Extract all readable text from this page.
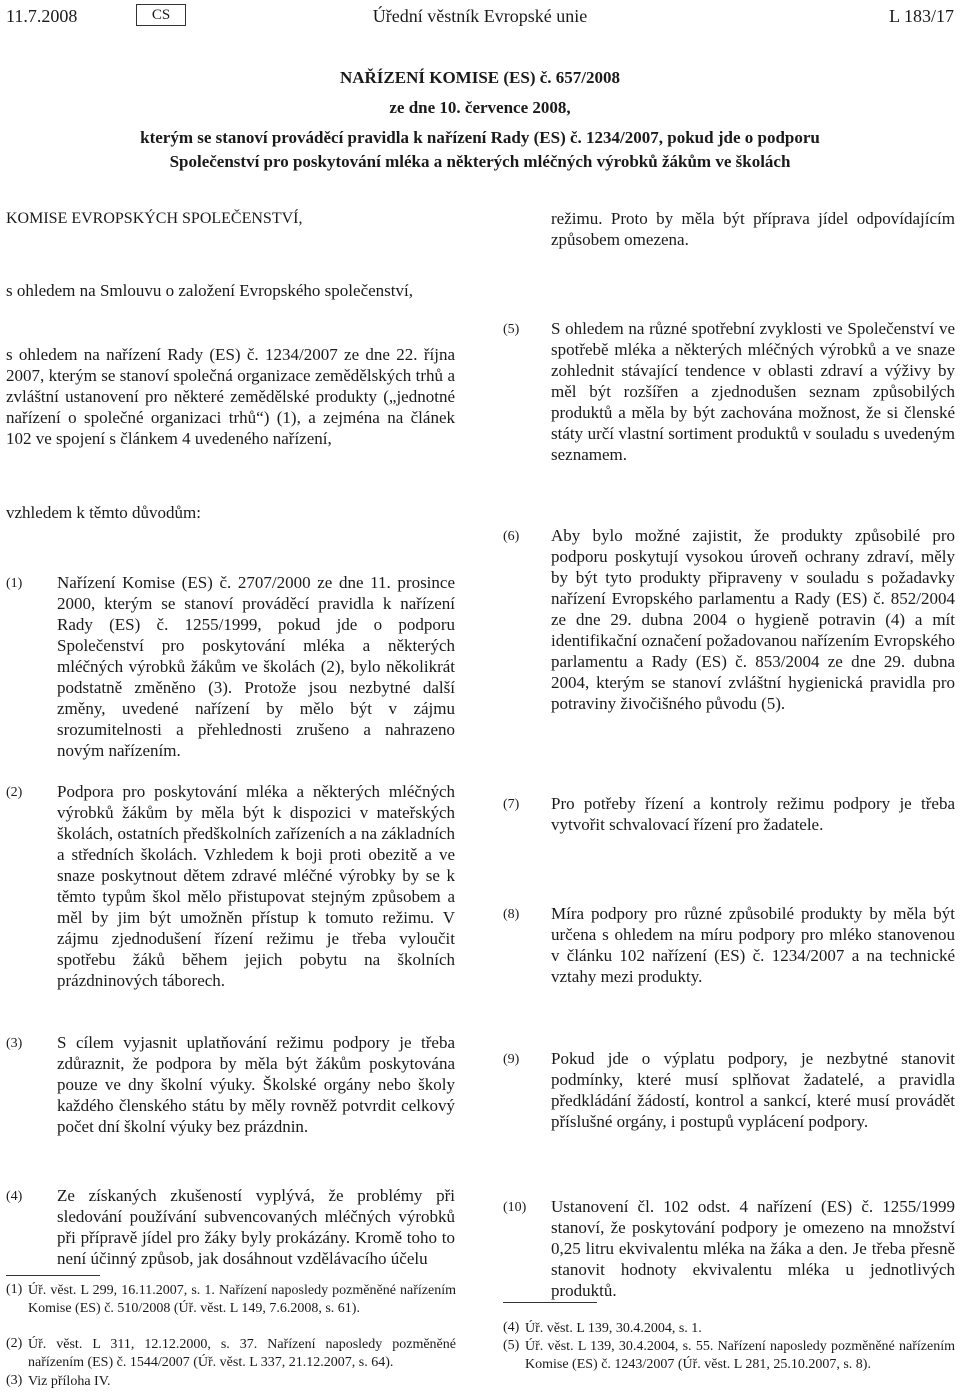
11.7.2008	CS	Úřední věstník Evropské unie	L 183/17
NAŘÍZENÍ KOMISE (ES) č. 657/2008
ze dne 10. července 2008,
kterým se stanoví prováděcí pravidla k nařízení Rady (ES) č. 1234/2007, pokud jde o podporu
Společenství pro poskytování mléka a některých mléčných výrobků žákům ve školách
KOMISE EVROPSKÝCH SPOLEČENSTVÍ,
s ohledem na Smlouvu o založení Evropského společenství,
s ohledem na nařízení Rady (ES) č. 1234/2007 ze dne 22. října 2007, kterým se stanoví společná organizace zemědělských trhů a zvláštní ustanovení pro některé zemědělské produkty („jednotné nařízení o společné organizaci trhů“) (1), a zejména na článek 102 ve spojení s článkem 4 uvedeného nařízení,
vzhledem k těmto důvodům:
(1) Nařízení Komise (ES) č. 2707/2000 ze dne 11. prosince 2000, kterým se stanoví prováděcí pravidla k nařízení Rady (ES) č. 1255/1999, pokud jde o podporu Společenství pro poskytování mléka a některých mléčných výrobků žákům ve školách (2), bylo několikrát podstatně změněno (3). Protože jsou nezbytné další změny, uvedené nařízení by mělo být v zájmu srozumitelnosti a přehlednosti zrušeno a nahrazeno novým nařízením.
(2) Podpora pro poskytování mléka a některých mléčných výrobků žákům by měla být k dispozici v mateřských školách, ostatních předškolních zařízeních a na základních a středních školách. Vzhledem k boji proti obezitě a ve snaze poskytnout dětem zdravé mléčné výrobky by se k těmto typům škol mělo přistupovat stejným způsobem a měl by jim být umožněn přístup k tomuto režimu. V zájmu zjednodušení řízení režimu je třeba vyloučit spotřebu žáků během jejich pobytu na školních prázdninových táborech.
(3) S cílem vyjasnit uplatňování režimu podpory je třeba zdůraznit, že podpora by měla být žákům poskytována pouze ve dny školní výuky. Školské orgány nebo školy každého členského státu by měly rovněž potvrdit celkový počet dní školní výuky bez prázdnin.
(4) Ze získaných zkušeností vyplývá, že problémy při sledování používání subvencovaných mléčných výrobků při přípravě jídel pro žáky byly prokázány. Kromě toho to není účinný způsob, jak dosáhnout vzdělávacího účelu
(1) Úř. věst. L 299, 16.11.2007, s. 1. Nařízení naposledy pozměněné nařízením Komise (ES) č. 510/2008 (Úř. věst. L 149, 7.6.2008, s. 61).
(2) Úř. věst. L 311, 12.12.2000, s. 37. Nařízení naposledy pozměněné nařízením (ES) č. 1544/2007 (Úř. věst. L 337, 21.12.2007, s. 64).
(3) Viz příloha IV.
režimu. Proto by měla být příprava jídel odpovídajícím způsobem omezena.
(5) S ohledem na různé spotřební zvyklosti ve Společenství ve spotřebě mléka a některých mléčných výrobků a ve snaze zohlednit stávající tendence v oblasti zdraví a výživy by měl být rozšířen a zjednodušen seznam způsobilých produktů a měla by být zachována možnost, že si členské státy určí vlastní sortiment produktů v souladu s uvedeným seznamem.
(6) Aby bylo možné zajistit, že produkty způsobilé pro podporu poskytují vysokou úroveň ochrany zdraví, měly by být tyto produkty připraveny v souladu s požadavky nařízení Evropského parlamentu a Rady (ES) č. 852/2004 ze dne 29. dubna 2004 o hygieně potravin (4) a mít identifikační označení požadovanou nařízením Evropského parlamentu a Rady (ES) č. 853/2004 ze dne 29. dubna 2004, kterým se stanoví zvláštní hygienická pravidla pro potraviny živočišného původu (5).
(7) Pro potřeby řízení a kontroly režimu podpory je třeba vytvořit schvalovací řízení pro žadatele.
(8) Míra podpory pro různé způsobilé produkty by měla být určena s ohledem na míru podpory pro mléko stanovenou v článku 102 nařízení (ES) č. 1234/2007 a na technické vztahy mezi produkty.
(9) Pokud jde o výplatu podpory, je nezbytné stanovit podmínky, které musí splňovat žadatelé, a pravidla předkládání žádostí, kontrol a sankcí, které musí provádět příslušné orgány, i postupů vyplácení podpory.
(10) Ustanovení čl. 102 odst. 4 nařízení (ES) č. 1255/1999 stanoví, že poskytování podpory je omezeno na množství 0,25 litru ekvivalentu mléka na žáka a den. Je třeba přesně stanovit hodnoty ekvivalentu mléka u jednotlivých produktů.
(4) Úř. věst. L 139, 30.4.2004, s. 1.
(5) Úř. věst. L 139, 30.4.2004, s. 55. Nařízení naposledy pozměněné nařízením Komise (ES) č. 1243/2007 (Úř. věst. L 281, 25.10.2007, s. 8).
